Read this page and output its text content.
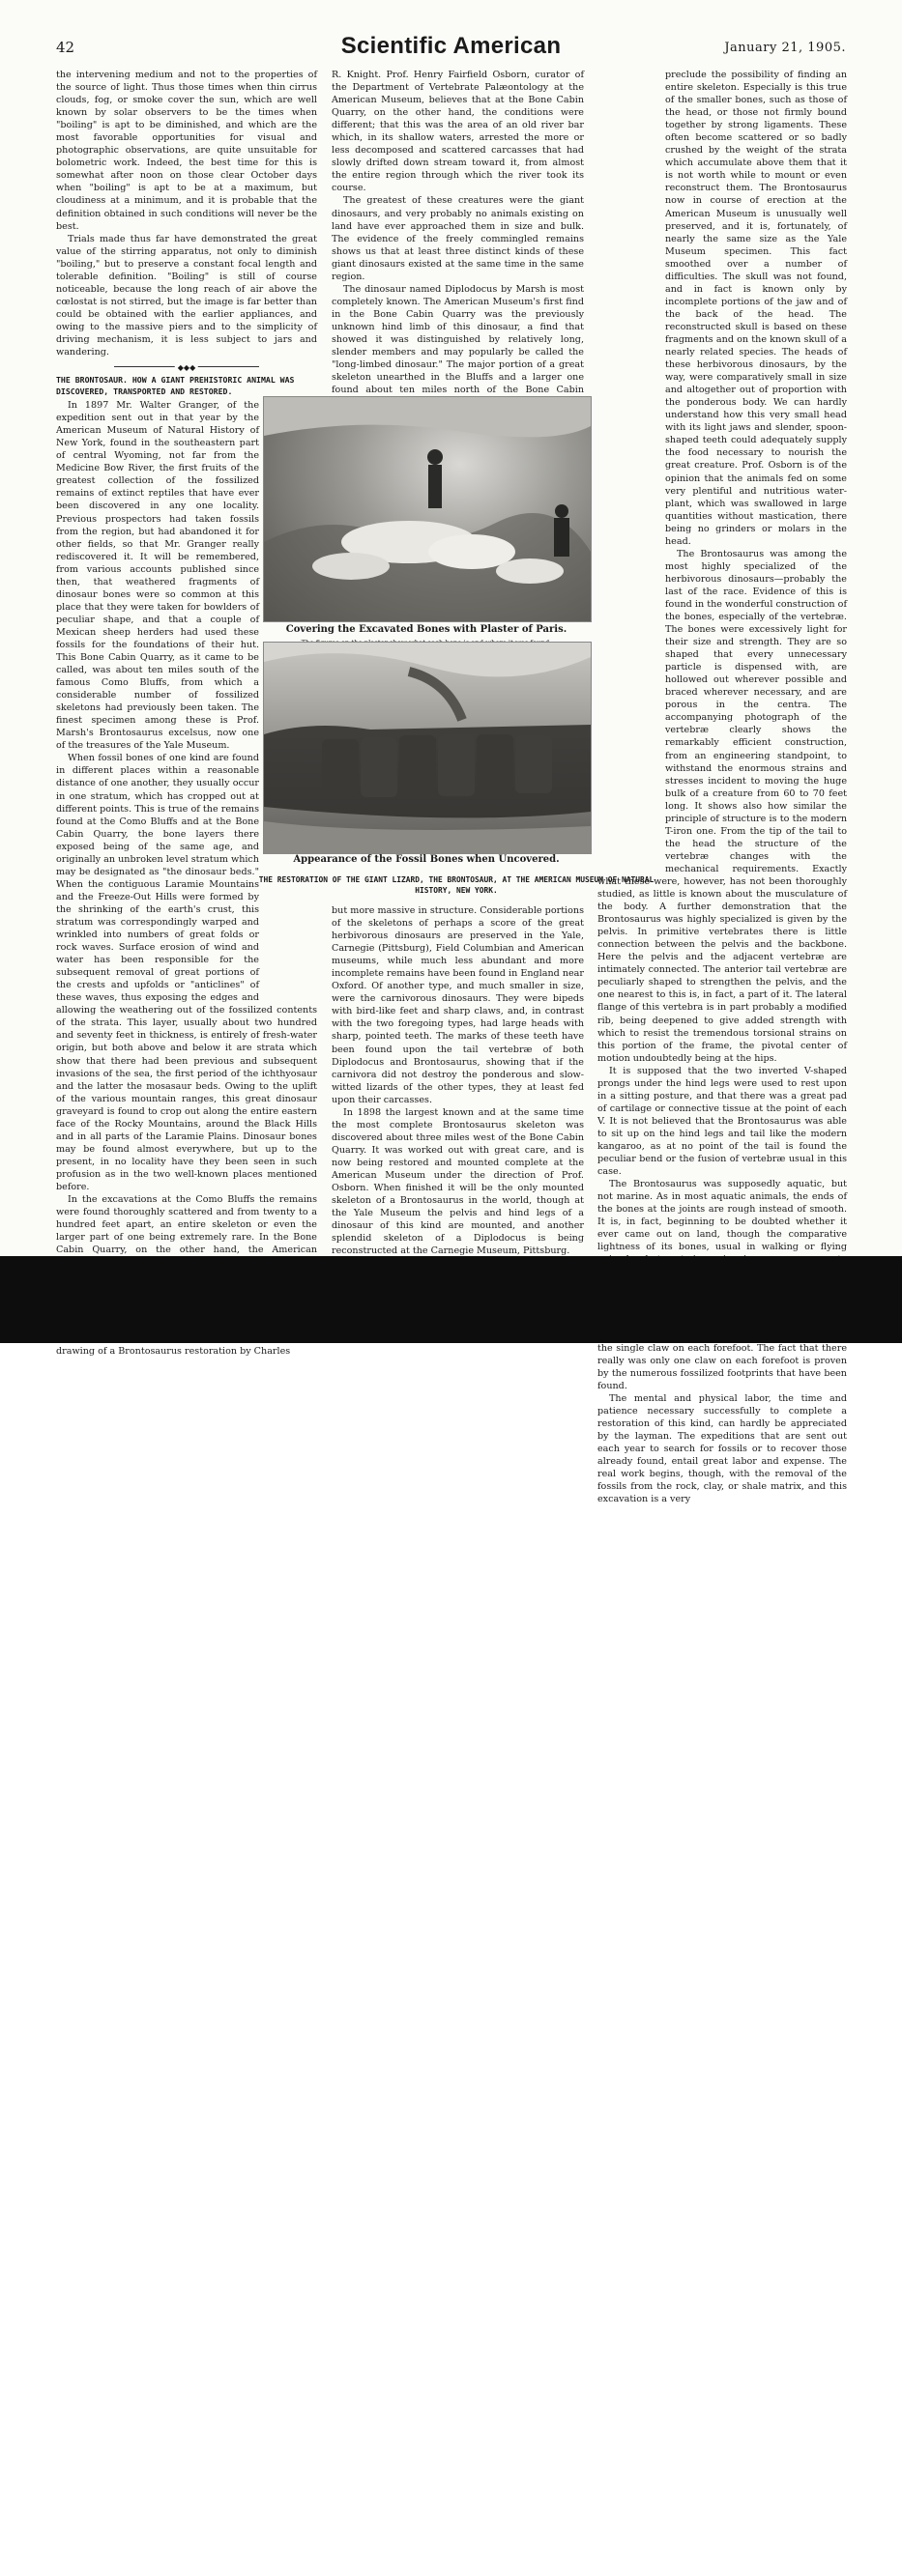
42	Scientific American	January 21, 1905.

the intervening medium and not to the properties of the source of light. Thus those times when thin cirrus clouds, fog, or smoke cover the sun, which are well known by solar observers to be the times when "boiling" is apt to be diminished, and which are the most favorable opportunities for visual and photographic observations, are quite unsuitable for bolometric work. Indeed, the best time for this is somewhat after noon on those clear October days when "boiling" is apt to be at a maximum, but cloudiness at a minimum, and it is probable that the definition obtained in such conditions will never be the best.

Trials made thus far have demonstrated the great value of the stirring apparatus, not only to diminish "boiling," but to preserve a constant focal length and tolerable definition. "Boiling" is still of course noticeable, because the long reach of air above the cœlostat is not stirred, but the image is far better than could be obtained with the earlier appliances, and owing to the massive piers and to the simplicity of driving mechanism, it is less subject to jars and wandering.

◆◆◆

THE BRONTOSAUR. HOW A GIANT PREHISTORIC ANIMAL WAS DISCOVERED, TRANSPORTED AND RESTORED.

In 1897 Mr. Walter Granger, of the expedition sent out in that year by the American Museum of Natural History of New York, found in the southeastern part of central Wyoming, not far from the Medicine Bow River, the first fruits of the greatest collection of the fossilized remains of extinct reptiles that have ever been discovered in any one locality. Previous prospectors had taken fossils from the region, but had abandoned it for other fields, so that Mr. Granger really rediscovered it. It will be remembered, from various accounts published since then, that weathered fragments of dinosaur bones were so common at this place that they were taken for bowlders of peculiar shape, and that a couple of Mexican sheep herders had used these fossils for the foundations of their hut. This Bone Cabin Quarry, as it came to be called, was about ten miles south of the famous Como Bluffs, from which a considerable number of fossilized skeletons had previously been taken. The finest specimen among these is Prof. Marsh's Brontosaurus excelsus, now one of the treasures of the Yale Museum.

When fossil bones of one kind are found in different places within a reasonable distance of one another, they usually occur in one stratum, which has cropped out at different points. This is true of the remains found at the Como Bluffs and at the Bone Cabin Quarry, the bone layers there exposed being of the same age, and originally an unbroken level stratum which may be designated as "the dinosaur beds." When the contiguous Laramie Mountains and the Freeze-Out Hills were formed by the shrinking of the earth's crust, this stratum was correspondingly warped and wrinkled into numbers of great folds or rock waves. Surface erosion of wind and water has been responsible for the subsequent removal of great portions of the crests and upfolds or "anticlines" of these waves, thus exposing the edges and allowing the weathering out of the fossilized contents of the strata. This layer, usually about two hundred and seventy feet in thickness, is entirely of fresh-water origin, but both above and below it are strata which show that there had been previous and subsequent invasions of the sea, the first period of the ichthyosaur and the latter the mosasaur beds. Owing to the uplift of the various mountain ranges, this great dinosaur graveyard is found to crop out along the entire eastern face of the Rocky Mountains, around the Black Hills and in all parts of the Laramie Plains. Dinosaur bones may be found almost everywhere, but up to the present, in no locality have they been seen in such profusion as in the two well-known places mentioned before.

In the excavations at the Como Bluffs the remains were found thoroughly scattered and from twenty to a hundred feet apart, an entire skeleton or even the larger part of one being extremely rare. In the Bone Cabin Quarry, on the other hand, the American drawing of a Brontosaurus restoration by Charles

R. Knight. Prof. Henry Fairfield Osborn, curator of the Department of Vertebrate Palæontology at the American Museum, believes that at the Bone Cabin Quarry, on the other hand, the conditions were different; that this was the area of an old river bar which, in its shallow waters, arrested the more or less decomposed and scattered carcasses that had slowly drifted down stream toward it, from almost the entire region through which the river took its course.

The greatest of these creatures were the giant dinosaurs, and very probably no animals existing on land have ever approached them in size and bulk. The evidence of the freely commingled remains shows us that at least three distinct kinds of these giant dinosaurs existed at the same time in the same region.

The dinosaur named Diplodocus by Marsh is most completely known. The American Museum's first find in the Bone Cabin Quarry was the previously unknown hind limb of this dinosaur, a find that showed it was distinguished by relatively long, slender members and may popularly be called the "long-limbed dinosaur." The major portion of a great skeleton unearthed in the Bluffs and a larger one found about ten miles north of the Bone Cabin

Covering the Excavated Bones with Plaster of Paris.
Appearance of the Fossil Bones when Uncovered.
THE RESTORATION OF THE GIANT LIZARD, THE BRONTOSAUR, AT THE AMERICAN MUSEUM OF NATURAL HISTORY, NEW YORK.

but more massive in structure. Considerable portions of the skeletons of perhaps a score of the great herbivorous dinosaurs are preserved in the Yale, Carnegie (Pittsburg), Field Columbian and American museums, while much less abundant and more incomplete remains have been found in England near Oxford. Of another type, and much smaller in size, were the carnivorous dinosaurs. They were bipeds with bird-like feet and sharp claws, and, in contrast with the two foregoing types, had large heads with sharp, pointed teeth. The marks of these teeth have been found upon the tail vertebræ of both Diplodocus and Brontosaurus, showing that if the carnivora did not destroy the ponderous and slow-witted lizards of the other types, they at least fed upon their carcasses.

In 1898 the largest known and at the same time the most complete Brontosaurus skeleton was discovered about three miles west of the Bone Cabin Quarry. It was worked out with great care, and is now being restored and mounted complete at the American Museum under the direction of Prof. Osborn. When finished it will be the only mounted skeleton of a Brontosaurus in the world, though at the Yale Museum the pelvis and hind legs of a dinosaur of this kind are mounted, and another splendid skeleton of a Diplodocus is being reconstructed at the Carnegie Museum, Pittsburg.

preclude the possibility of finding an entire skeleton. Especially is this true of the smaller bones, such as those of the head, or those not firmly bound together by strong ligaments. These often become scattered or so badly crushed by the weight of the strata which accumulate above them that it is not worth while to mount or even reconstruct them. The Brontosaurus now in course of erection at the American Museum is unusually well preserved, and it is, fortunately, of nearly the same size as the Yale Museum specimen. This fact smoothed over a number of difficulties. The skull was not found, and in fact is known only by incomplete portions of the jaw and of the back of the head. The reconstructed skull is based on these fragments and on the known skull of a nearly related species. The heads of these herbivorous dinosaurs, by the way, were comparatively small in size and altogether out of proportion with the ponderous body. We can hardly understand how this very small head with its light jaws and slender, spoon-shaped teeth could adequately supply the food necessary to nourish the great creature. Prof. Osborn is of the opinion that the animals fed on some very plentiful and nutritious water-plant, which was swallowed in large quantities without mastication, there being no grinders or molars in the head.

The Brontosaurus was among the most highly specialized of the herbivorous dinosaurs—probably the last of the race. Evidence of this is found in the wonderful construction of the bones, especially of the vertebræ. The bones were excessively light for their size and strength. They are so shaped that every unnecessary particle is dispensed with, are hollowed out wherever possible and braced wherever necessary, and are porous in the centra. The accompanying photograph of the vertebræ clearly shows the remarkably efficient construction, from an engineering standpoint, to withstand the enormous strains and stresses incident to moving the huge bulk of a creature from 60 to 70 feet long. It shows also how similar the principle of structure is to the modern T-iron one. From the tip of the tail to the head the structure of the vertebræ changes with the mechanical requirements. Exactly what these were, however, has not been thoroughly studied, as little is known about the musculature of the body. A further demonstration that the Brontosaurus was highly specialized is given by the pelvis. In primitive vertebrates there is little connection between the pelvis and the backbone. Here the pelvis and the adjacent vertebræ are intimately connected. The anterior tail vertebræ are peculiarly shaped to strengthen the pelvis, and the one nearest to this is, in fact, a part of it. The lateral flange of this vertebra is in part probably a modified rib, being deepened to give added strength with which to resist the tremendous torsional strains on this portion of the frame, the pivotal center of motion undoubtedly being at the hips.

It is supposed that the two inverted V-shaped prongs under the hind legs were used to rest upon in a sitting posture, and that there was a great pad of cartilage or connective tissue at the point of each V. It is not believed that the Brontosaurus was able to sit up on the hind legs and tail like the modern kangaroo, as at no point of the tail is found the peculiar bend or the fusion of vertebræ usual in this case.

The Brontosaurus was supposedly aquatic, but not marine. As in most aquatic animals, the ends of the bones at the joints are rough instead of smooth. It is, in fact, beginning to be doubted whether it ever came out on land, though the comparative lightness of its bones, usual in walking or flying the single claw on each forefoot. The fact that there really was only one claw on each forefoot is proven by the numerous fossilized footprints that have been found.

The mental and physical labor, the time and patience necessary successfully to complete a restoration of this kind, can hardly be appreciated by the layman. The expeditions that are sent out each year to search for fossils or to recover those already found, entail great labor and expense. The real work begins, though, with the removal of the fossils from the rock, clay, or shale matrix, and this excavation is a very

alamy	Image ID: 2ABXXCW
www.alamy.com
